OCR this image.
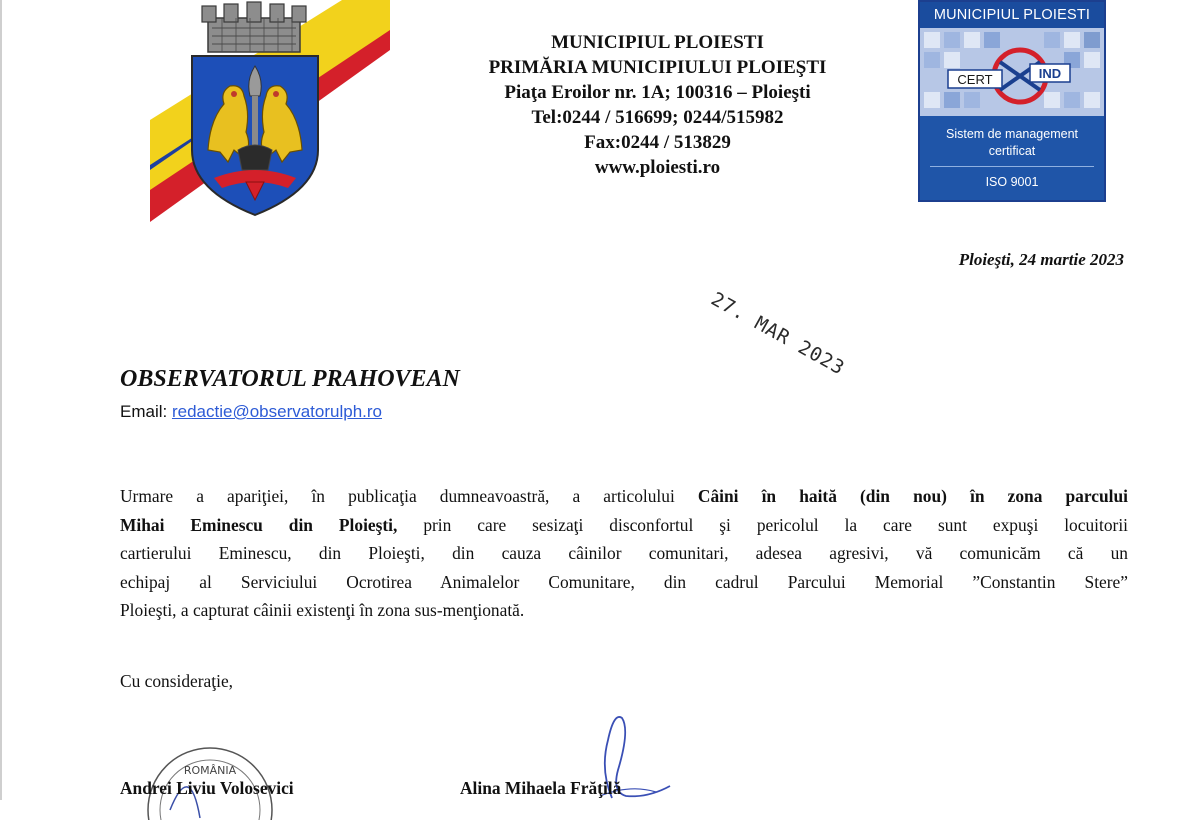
MUNICIPIUL PLOIESTI
PRIMĂRIA MUNICIPIULUI PLOIEŞTI
Piaţa Eroilor nr. 1A; 100316 – Ploieşti
Tel:0244 / 516699; 0244/515982
Fax:0244 / 513829
www.ploiesti.ro
MUNICIPIUL PLOIESTI
CERT	IND
Sistem de management
certificat
ISO 9001
Ploieşti, 24 martie 2023
27. MAR 2023
OBSERVATORUL PRAHOVEAN
Email: redactie@observatorulph.ro
Urmare a apariţiei, în publicaţia dumneavoastră, a articolului Câini în haită (din nou) în zona parcului
Mihai Eminescu din Ploieşti, prin care sesizaţi disconfortul şi pericolul la care sunt expuşi locuitorii
cartierului Eminescu, din Ploieşti, din cauza câinilor comunitari, adesea agresivi, vă comunicăm că un
echipaj al Serviciului Ocrotirea Animalelor Comunitare, din cadrul Parcului Memorial ”Constantin Stere”
Ploieşti, a capturat câinii existenţi în zona sus-menţionată.
Cu consideraţie,
ROMÂNIA
Andrei Liviu Volosevici	Alina Mihaela Frăţilă
